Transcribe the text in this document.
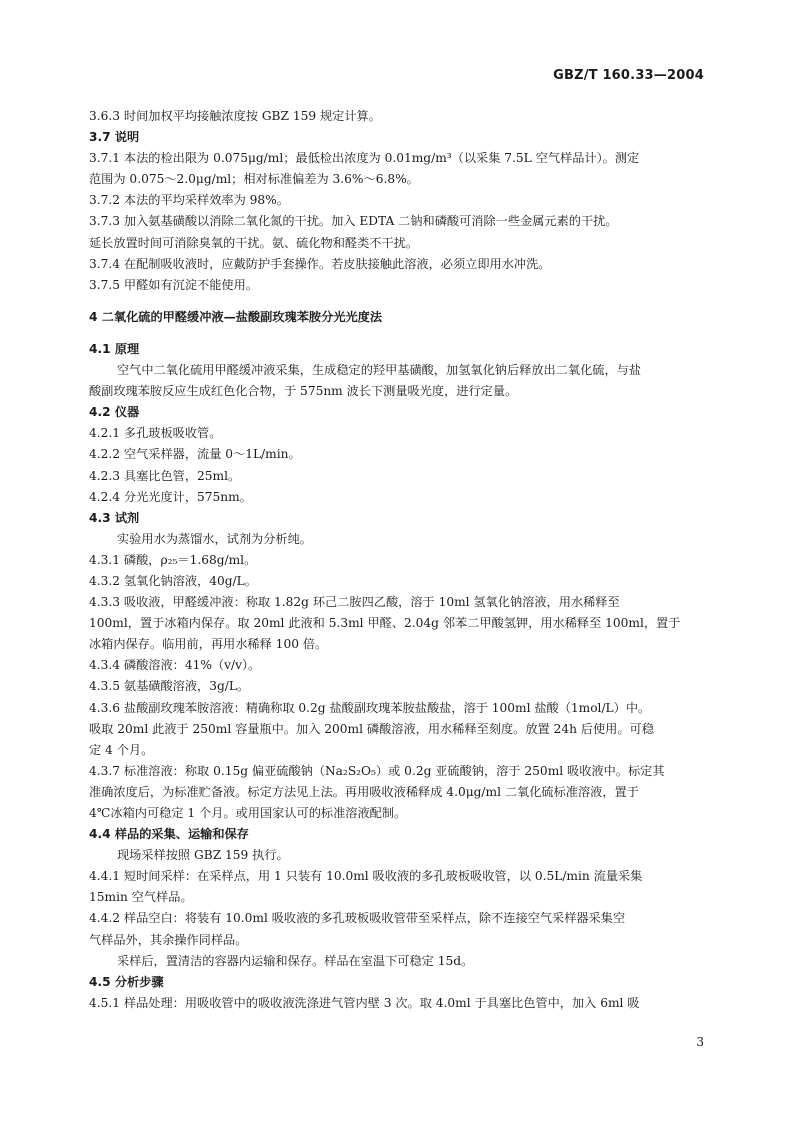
GBZ/T 160.33—2004
3.6.3 时间加权平均接触浓度按 GBZ 159 规定计算。
3.7 说明
3.7.1 本法的检出限为 0.075μg/ml；最低检出浓度为 0.01mg/m³（以采集 7.5L 空气样品计）。测定
范围为 0.075～2.0μg/ml；相对标准偏差为 3.6%～6.8%。
3.7.2 本法的平均采样效率为 98%。
3.7.3 加入氨基磺酸以消除二氧化氮的干扰。加入 EDTA 二钠和磷酸可消除一些金属元素的干扰。
延长放置时间可消除臭氧的干扰。氨、硫化物和醛类不干扰。
3.7.4 在配制吸收液时，应戴防护手套操作。若皮肤接触此溶液，必须立即用水冲洗。
3.7.5 甲醛如有沉淀不能使用。
4 二氧化硫的甲醛缓冲液—盐酸副玫瑰苯胺分光光度法
4.1 原理
空气中二氧化硫用甲醛缓冲液采集，生成稳定的羟甲基磺酸，加氢氧化钠后释放出二氧化硫，与盐
酸副玫瑰苯胺反应生成红色化合物，于 575nm 波长下测量吸光度，进行定量。
4.2 仪器
4.2.1 多孔玻板吸收管。
4.2.2 空气采样器，流量 0～1L/min。
4.2.3 具塞比色管，25ml。
4.2.4 分光光度计，575nm。
4.3 试剂
实验用水为蒸馏水，试剂为分析纯。
4.3.1 磷酸，ρ₂₅＝1.68g/ml。
4.3.2 氢氧化钠溶液，40g/L。
4.3.3 吸收液，甲醛缓冲液：称取 1.82g 环己二胺四乙酸，溶于 10ml 氢氧化钠溶液，用水稀释至
100ml，置于冰箱内保存。取 20ml 此液和 5.3ml 甲醛、2.04g 邻苯二甲酸氢钾，用水稀释至 100ml，置于
冰箱内保存。临用前，再用水稀释 100 倍。
4.3.4 磷酸溶液：41%（v/v）。
4.3.5 氨基磺酸溶液，3g/L。
4.3.6 盐酸副玫瑰苯胺溶液：精确称取 0.2g 盐酸副玫瑰苯胺盐酸盐，溶于 100ml 盐酸（1mol/L）中。
吸取 20ml 此液于 250ml 容量瓶中。加入 200ml 磷酸溶液，用水稀释至刻度。放置 24h 后使用。可稳
定 4 个月。
4.3.7 标准溶液：称取 0.15g 偏亚硫酸钠（Na₂S₂O₅）或 0.2g 亚硫酸钠，溶于 250ml 吸收液中。标定其
准确浓度后，为标准贮备液。标定方法见上法。再用吸收液稀释成 4.0μg/ml 二氧化硫标准溶液，置于
4℃冰箱内可稳定 1 个月。或用国家认可的标准溶液配制。
4.4 样品的采集、运输和保存
现场采样按照 GBZ 159 执行。
4.4.1 短时间采样：在采样点，用 1 只装有 10.0ml 吸收液的多孔玻板吸收管，以 0.5L/min 流量采集
15min 空气样品。
4.4.2 样品空白：将装有 10.0ml 吸收液的多孔玻板吸收管带至采样点，除不连接空气采样器采集空
气样品外，其余操作同样品。
采样后，置清洁的容器内运输和保存。样品在室温下可稳定 15d。
4.5 分析步骤
4.5.1 样品处理：用吸收管中的吸收液洗涤进气管内壁 3 次。取 4.0ml 于具塞比色管中，加入 6ml 吸
3
